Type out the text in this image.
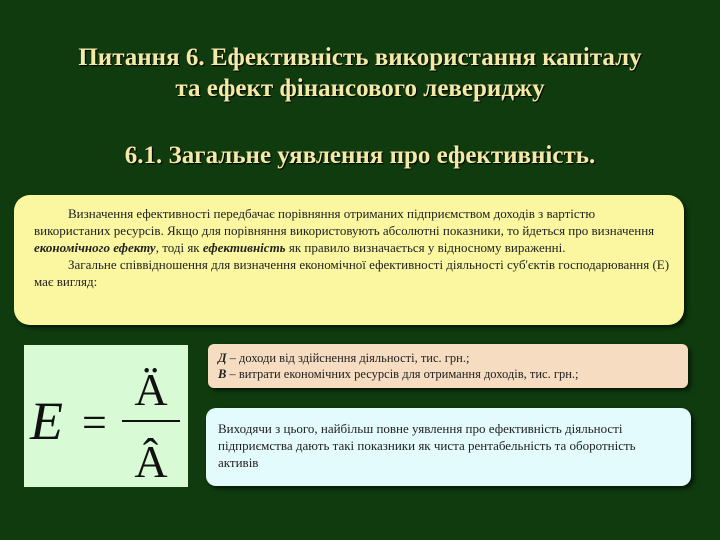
Питання 6. Ефективність використання капіталу
та ефект фінансового левериджу
6.1. Загальне уявлення про ефективність.

Визначення ефективності передбачає порівняння отриманих підприємством доходів з вартістю використаних ресурсів. Якщо для порівняння використовують абсолютні показники, то йдеться про визначення економічного ефекту, тоді як ефективність як правило визначається у відносному вираженні.

Загальне співвідношення для визначення економічної ефективності діяльності суб'єктів господарювання (Е) має вигляд:

E =
Ä
Â
Д – доходи від здійснення діяльності, тис. грн.;
В – витрати економічних ресурсів для отримання доходів, тис. грн.;
Виходячи з цього, найбільш повне уявлення про ефективність діяльності підприємства дають такі показники як чиста рентабельність та оборотність активів
